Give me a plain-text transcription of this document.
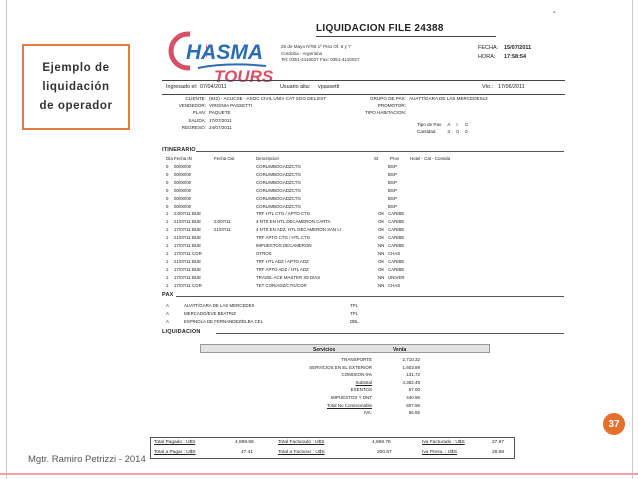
Ejemplo de
liquidación
de operador
Mgtr. Ramiro Petrizzi - 2014
37
▪
HASMA
TOURS
LIQUIDACION FILE 24388
25 de Mayo Nº66 1º Piso Of. 6 y 7
Cordoba - Argentina
Tel: 0351-4110027 Fax: 0351-4110027
FECHA: 15/07/2011
HORA: 17:58:54
Ingresado el: 07/04/2011	Usuario alta: vpassetti	Vto.: 17/06/2011
CLIENTE: (942) - ACUCSE - ASOC CIVIL UNIV CAT SGO DEL EST
VENDEDOR: VIRGINIA PASSETTI
PLAN: PAQUETE
SALIDA: 17/07/2011
REGRESO: 24/07/2011
GRUPO DE PAX: AUATT/GARA DE LAS MERCEDESx3
PROMOTOR:
TIPO HABITACION:
Tipo de Pax	A	I	C
Cantidad	3	0	0
ITINERARIO
Día Fecha IN	Fecha Out	Descripcion	St	Prov Hotel - Cat - Comida
0 00/00/00	CORLIMBOGADZCTG	BSP
0 00/00/00	CORLIMBOGADZCTG	BSP
0 00/00/00	CORLIMBOGADZCTG	BSP
0 00/00/00	CORLIMBOGADZCTG	BSP
0 00/00/00	CORLIMBOGADZCTG	BSP
0 00/00/00	CORLIMBOGADZCTG	BSP
1 24/07/11 BUE	TRF HTL CTG / APTO CTG	OK CARIBE
1 21/07/11 BUE	24/07/11	3 NTS EN HTL DECAMERON CARTA	OK CARIBE
1 17/07/11 BUE	21/07/11	4 NTS EN ADZ, HTL DECAMERON SAN LI	OK CARIBE
1 21/07/11 BUE	TRF APTO CTG / HTL CTG	OK CARIBE
1 17/07/11 BUE	IMPUESTOS DECAMERON	NN CARIBE
1 17/07/11 COR	OTROS	NN CHAS
1 21/07/11 BUE	TRF HTL ADZ / APTO ADZ	OK CARIBE
1 17/07/11 BUE	TRF APTO ADZ / HTL ADZ	OK CARIBE
1 17/07/11 BUE	TRAVEL ACE MASTER X9 DIAS	NN UNIVER
1 17/07/11 COR	TKT COR/ADZ/CTG/COR	NN CHAS
PAX
A	AUATT/GARA DE LAS MERCEDES	TPL
A	MERCADO/EVE BEATRIZ	TPL
A	ESPINOLA DE FERNANDEZ/ELBA CEL	DBL
LIQUIDACION
Servicios	Venta
TRANSPORTE	2,710.32
SERVICIOS EN EL EXTERIOR	1,603.89
COMISION 0%	131.72
Subtotal	4,382.49
EXENTOS	67.00
IMPUESTOS Y DNT	440.96
Total No Comisionable	507.96
IVA:	56.55
Total Pagado : U$S	4,899.59	Total Facturado : U$S	4,669.78	Iva Facturado : U$S	27.87
Total a Pagar : U$S	47.41	Total a Facturar : U$S	200.67	Iva Presu. : U$S	28.68
